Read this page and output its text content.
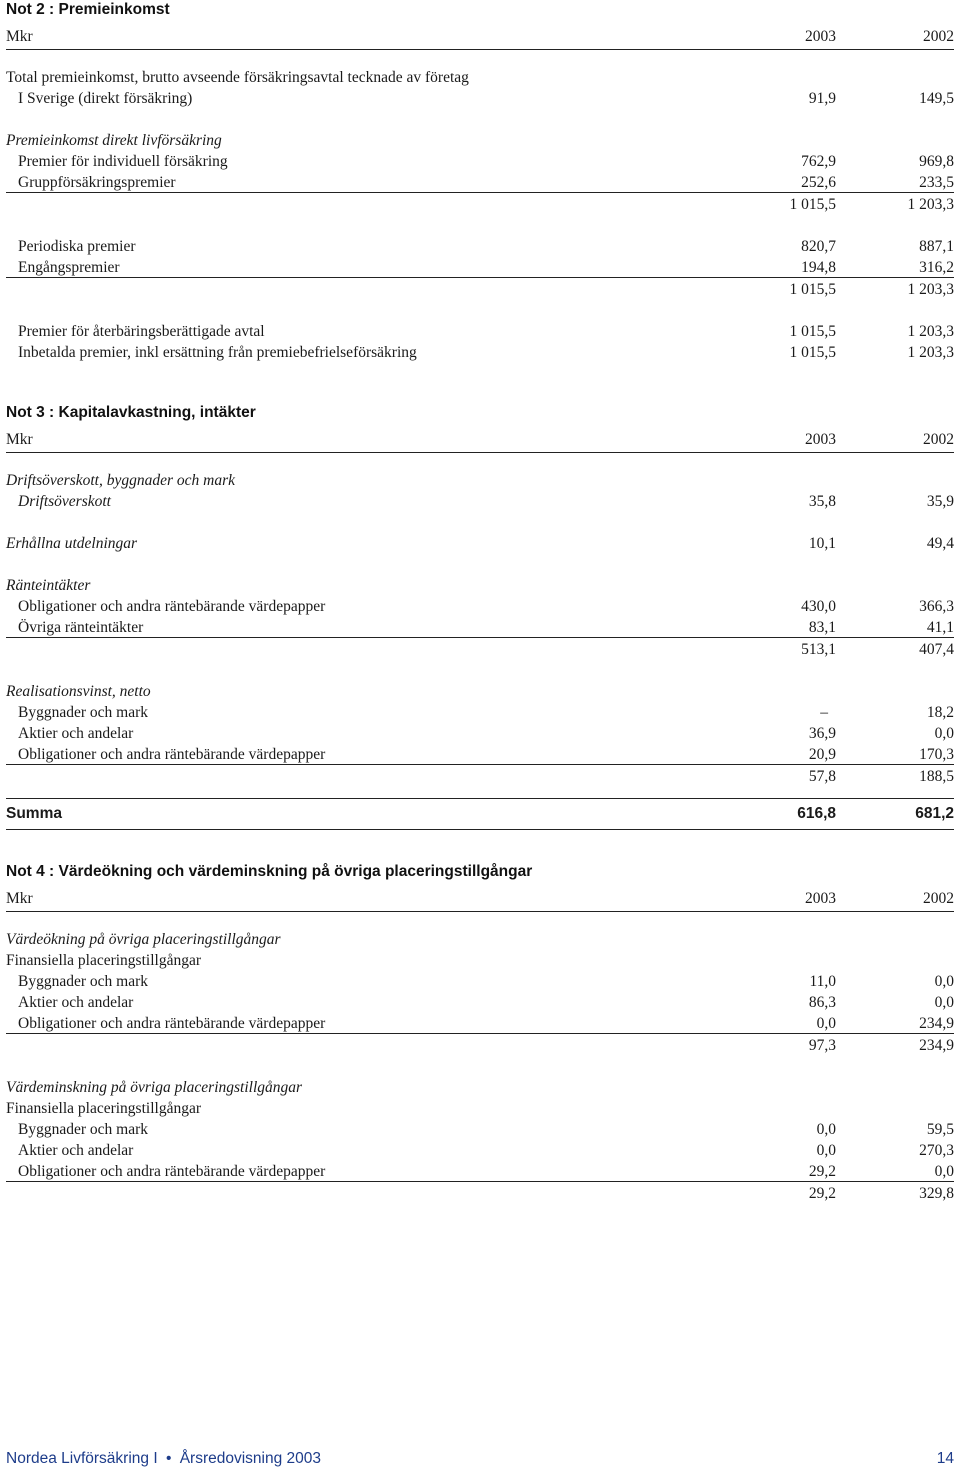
Not 2 : Premieinkomst
Mkr	2003	2002
Total premieinkomst, brutto avseende försäkringsavtal tecknade av företag
I Sverige (direkt försäkring)	91,9	149,5
Premieinkomst direkt livförsäkring
Premier för individuell försäkring	762,9	969,8
Gruppförsäkringspremier	252,6	233,5
1 015,5	1 203,3
Periodiska premier	820,7	887,1
Engångspremier	194,8	316,2
1 015,5	1 203,3
Premier för återbäringsberättigade avtal	1 015,5	1 203,3
Inbetalda premier, inkl ersättning från premiebefrielseförsäkring	1 015,5	1 203,3
Not 3 : Kapitalavkastning, intäkter
Mkr	2003	2002
Driftsöverskott, byggnader och mark
Driftsöverskott	35,8	35,9
Erhållna utdelningar	10,1	49,4
Ränteintäkter
Obligationer och andra räntebärande värdepapper	430,0	366,3
Övriga ränteintäkter	83,1	41,1
513,1	407,4
Realisationsvinst, netto
Byggnader och mark	–	18,2
Aktier och andelar	36,9	0,0
Obligationer och andra räntebärande värdepapper	20,9	170,3
57,8	188,5
Summa	616,8	681,2
Not 4 : Värdeökning och värdeminskning på övriga placeringstillgångar
Mkr	2003	2002
Värdeökning på övriga placeringstillgångar
Finansiella placeringstillgångar
Byggnader och mark	11,0	0,0
Aktier och andelar	86,3	0,0
Obligationer och andra räntebärande värdepapper	0,0	234,9
97,3	234,9
Värdeminskning på övriga placeringstillgångar
Finansiella placeringstillgångar
Byggnader och mark	0,0	59,5
Aktier och andelar	0,0	270,3
Obligationer och andra räntebärande värdepapper	29,2	0,0
29,2	329,8
Nordea Livförsäkring I • Årsredovisning 2003	14
